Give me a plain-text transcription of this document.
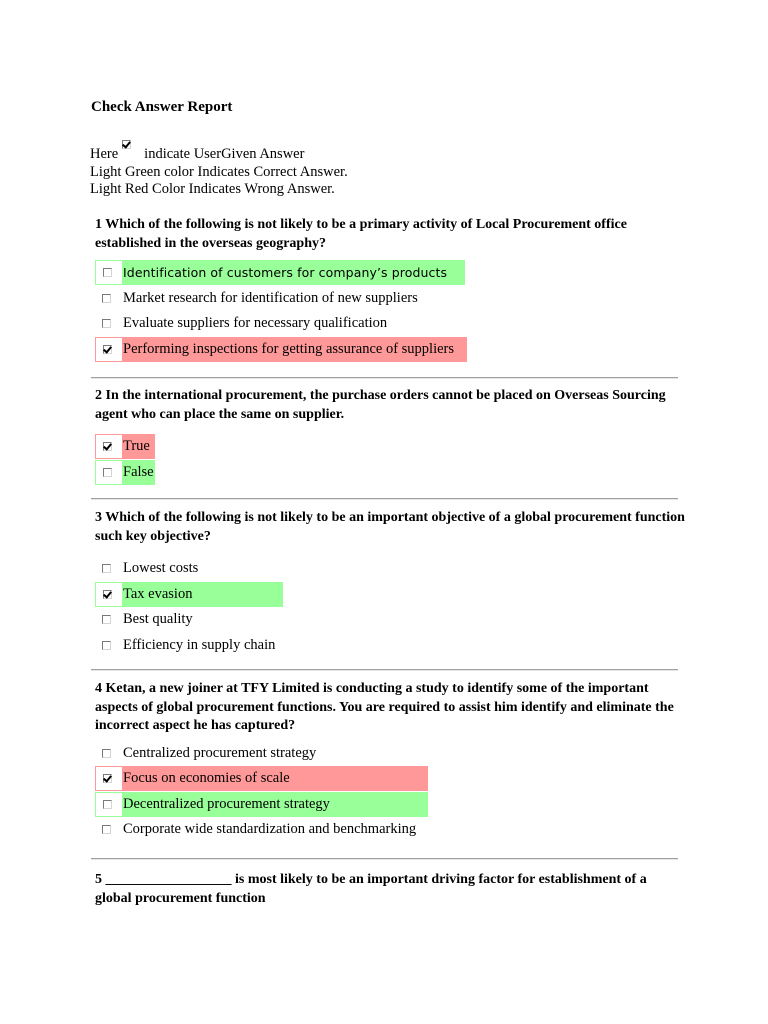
Check Answer Report
Here indicate UserGiven Answer
Light Green color Indicates Correct Answer.
Light Red Color Indicates Wrong Answer.

1 Which of the following is not likely to be a primary activity of Local Procurement office established in the overseas geography?

Identification of customers for company’s products
Market research for identification of new suppliers
Evaluate suppliers for necessary qualification
Performing inspections for getting assurance of suppliers

2 In the international procurement, the purchase orders cannot be placed on Overseas Sourcing agent who can place the same on supplier.

True
False

3 Which of the following is not likely to be an important objective of a global procurement function such key objective?

Lowest costs
Tax evasion
Best quality
Efficiency in supply chain

4 Ketan, a new joiner at TFY Limited is conducting a study to identify some of the important aspects of global procurement functions. You are required to assist him identify and eliminate the incorrect aspect he has captured?

Centralized procurement strategy
Focus on economies of scale
Decentralized procurement strategy
Corporate wide standardization and benchmarking

5 __________________ is most likely to be an important driving factor for establishment of a global procurement function
